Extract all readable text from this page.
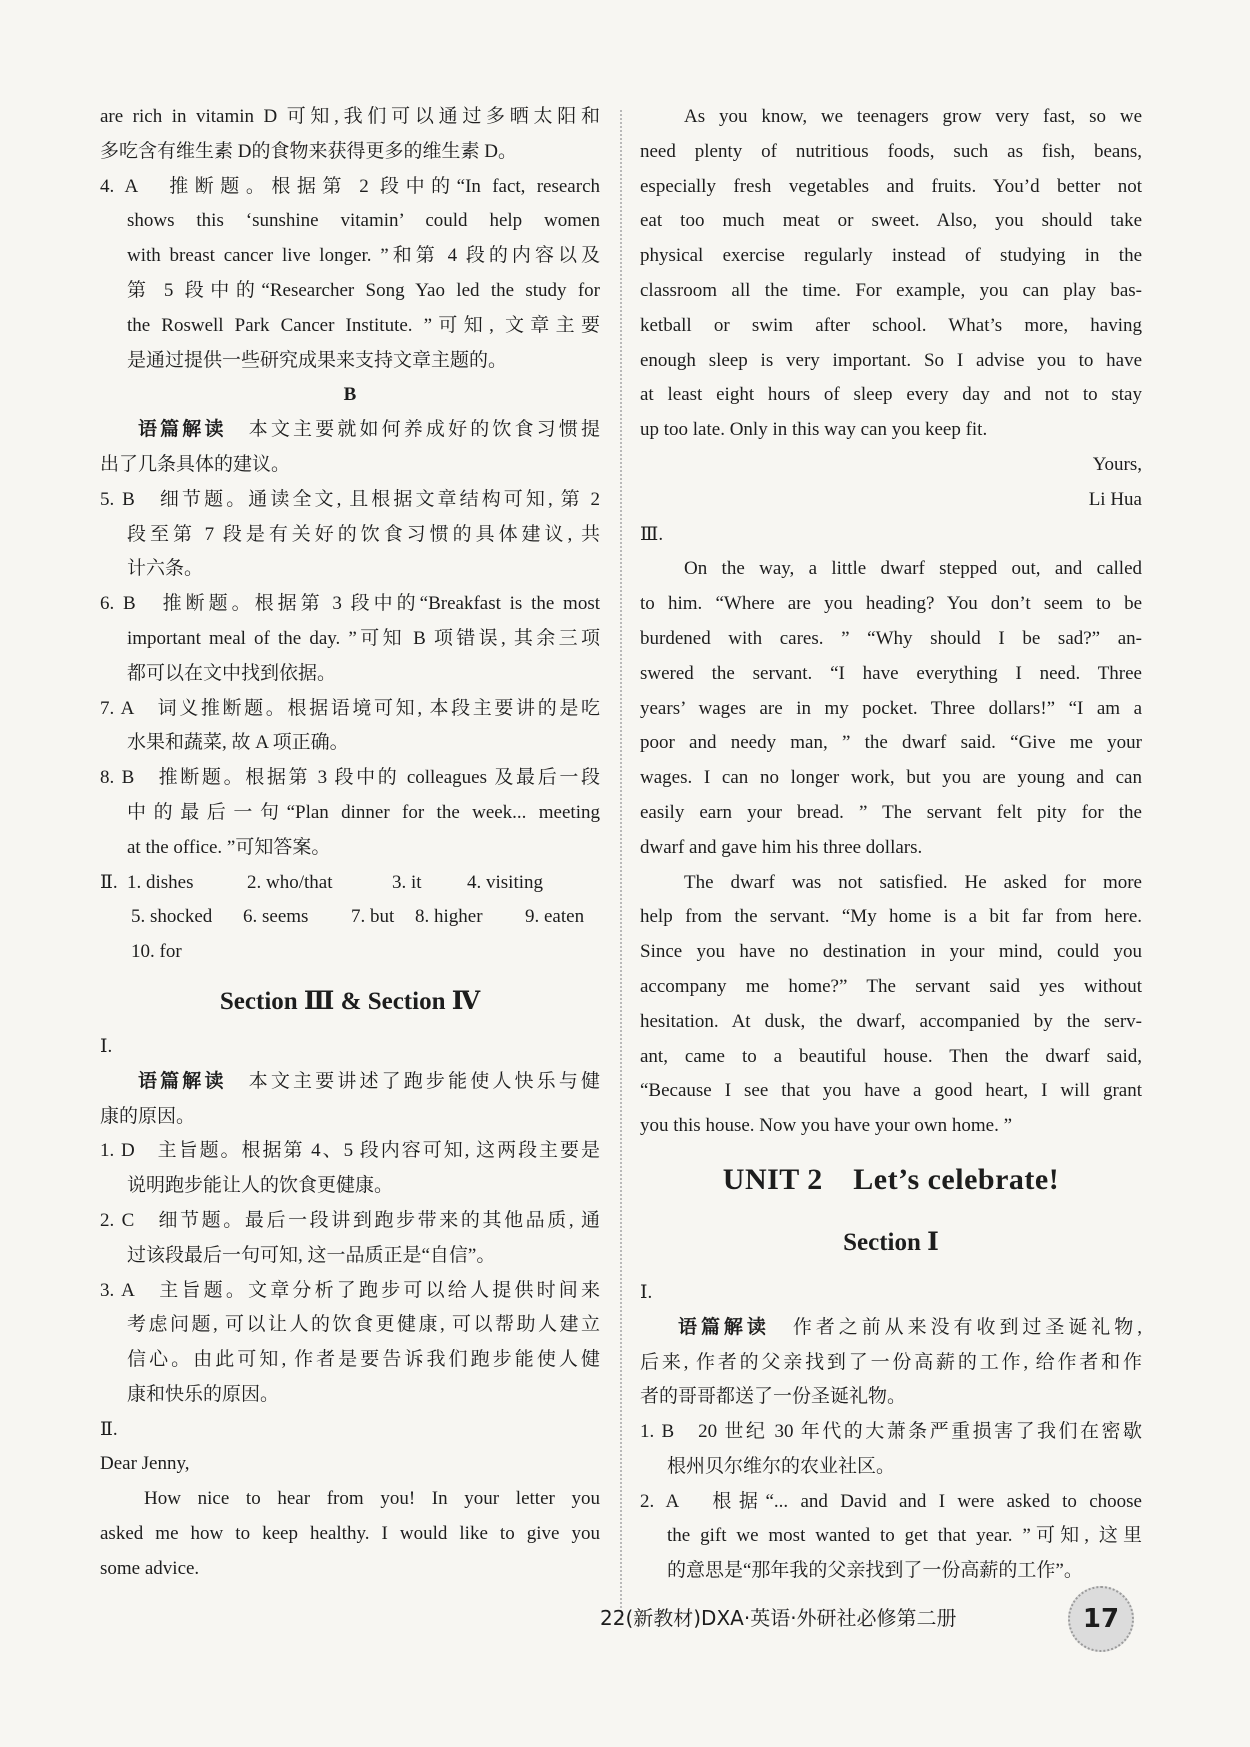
are rich in vitamin D 可知,我们可以通过多晒太阳和

多吃含有维生素 D的食物来获得更多的维生素 D。

4. A　推断题。根据第 2 段中的“In fact, research

shows this ‘sunshine vitamin’ could help women

with breast cancer live longer. ”和第 4 段的内容以及

第 5 段中的“Researcher Song Yao led the study for

the Roswell Park Cancer Institute. ”可知, 文章主要

是通过提供一些研究成果来支持文章主题的。

B

语篇解读　 本文主要就如何养成好的饮食习惯提

出了几条具体的建议。

5. B　细节题。通读全文, 且根据文章结构可知, 第 2

段至第 7 段是有关好的饮食习惯的具体建议, 共

计六条。

6. B　推断题。根据第 3 段中的“Breakfast is the most

important meal of the day. ”可知 B 项错误, 其余三项

都可以在文中找到依据。

7. A　词义推断题。根据语境可知, 本段主要讲的是吃

水果和蔬菜, 故 A 项正确。

8. B　推断题。根据第 3 段中的 colleagues 及最后一段

中的最后一句“Plan dinner for the week... meeting

at the office. ”可知答案。

Ⅱ. 1. dishes	2. who/that	3. it	4. visiting
5. shocked	6. seems	7. but	8. higher	9. eaten
10. for

Section Ⅲ & Section Ⅳ

Ⅰ.

语篇解读　 本文主要讲述了跑步能使人快乐与健

康的原因。

1. D　主旨题。根据第 4、5 段内容可知, 这两段主要是

说明跑步能让人的饮食更健康。

2. C　细节题。最后一段讲到跑步带来的其他品质, 通

过该段最后一句可知, 这一品质正是“自信”。

3. A　主旨题。文章分析了跑步可以给人提供时间来

考虑问题, 可以让人的饮食更健康, 可以帮助人建立

信心。由此可知, 作者是要告诉我们跑步能使人健

康和快乐的原因。

Ⅱ.

Dear Jenny,

How nice to hear from you! In your letter you

asked me how to keep healthy. I would like to give you

some advice.

As you know, we teenagers grow very fast, so we

need plenty of nutritious foods, such as fish, beans,

especially fresh vegetables and fruits. You’d better not

eat too much meat or sweet. Also, you should take

physical exercise regularly instead of studying in the

classroom all the time. For example, you can play bas-

ketball or swim after school. What’s more, having

enough sleep is very important. So I advise you to have

at least eight hours of sleep every day and not to stay

up too late. Only in this way can you keep fit.

Yours,

Li Hua

Ⅲ.

On the way, a little dwarf stepped out, and called

to him. “Where are you heading? You don’t seem to be

burdened with cares. ” “Why should I be sad?” an-

swered the servant. “I have everything I need. Three

years’ wages are in my pocket. Three dollars!” “I am a

poor and needy man, ” the dwarf said. “Give me your

wages. I can no longer work, but you are young and can

easily earn your bread. ” The servant felt pity for the

dwarf and gave him his three dollars.

The dwarf was not satisfied. He asked for more

help from the servant. “My home is a bit far from here.

Since you have no destination in your mind, could you

accompany me home?” The servant said yes without

hesitation. At dusk, the dwarf, accompanied by the serv-

ant, came to a beautiful house. Then the dwarf said,

“Because I see that you have a good heart, I will grant

you this house. Now you have your own home. ”

UNIT 2　Let’s celebrate!

Section Ⅰ

Ⅰ.

语篇解读　 作者之前从来没有收到过圣诞礼物,

后来, 作者的父亲找到了一份高薪的工作, 给作者和作

者的哥哥都送了一份圣诞礼物。

1. B　20 世纪 30 年代的大萧条严重损害了我们在密歇

根州贝尔维尔的农业社区。

2. A　根据“... and David and I were asked to choose

the gift we most wanted to get that year. ”可知, 这里

的意思是“那年我的父亲找到了一份高薪的工作”。

22(新教材)DXA·英语·外研社必修第二册	17
